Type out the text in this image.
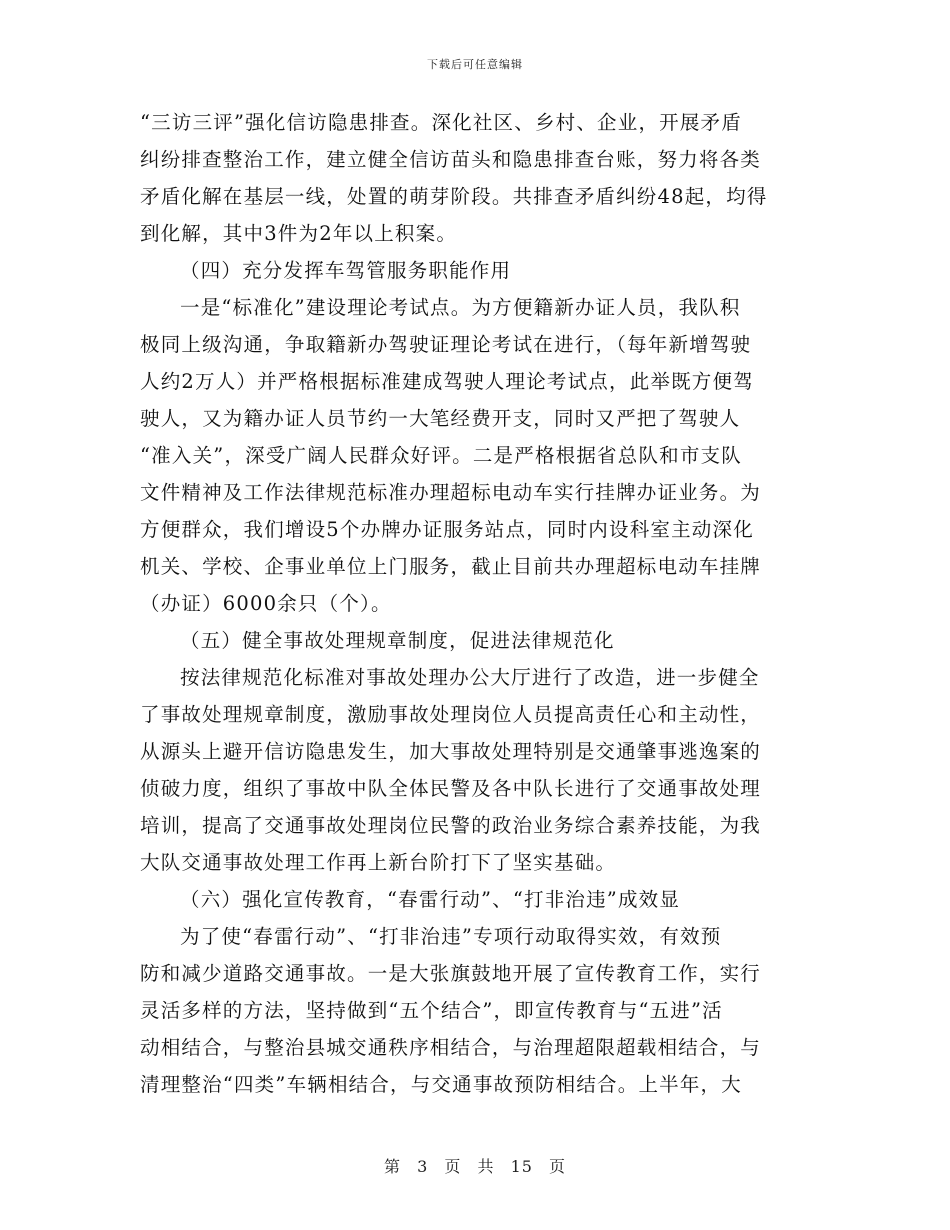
下载后可任意编辑
“三访三评”强化信访隐患排查。深化社区、乡村、企业，开展矛盾
纠纷排查整治工作，建立健全信访苗头和隐患排查台账，努力将各类
矛盾化解在基层一线，处置的萌芽阶段。共排查矛盾纠纷48起，均得
到化解，其中3件为2年以上积案。
（四）充分发挥车驾管服务职能作用
一是“标准化”建设理论考试点。为方便籍新办证人员，我队积
极同上级沟通，争取籍新办驾驶证理论考试在进行，（每年新增驾驶
人约2万人）并严格根据标准建成驾驶人理论考试点，此举既方便驾
驶人，又为籍办证人员节约一大笔经费开支，同时又严把了驾驶人
“准入关”，深受广阔人民群众好评。二是严格根据省总队和市支队
文件精神及工作法律规范标准办理超标电动车实行挂牌办证业务。为
方便群众，我们增设5个办牌办证服务站点，同时内设科室主动深化
机关、学校、企事业单位上门服务，截止目前共办理超标电动车挂牌
（办证）6000余只（个）。
（五）健全事故处理规章制度，促进法律规范化
按法律规范化标准对事故处理办公大厅进行了改造，进一步健全
了事故处理规章制度，激励事故处理岗位人员提高责任心和主动性，
从源头上避开信访隐患发生，加大事故处理特别是交通肇事逃逸案的
侦破力度，组织了事故中队全体民警及各中队长进行了交通事故处理
培训，提高了交通事故处理岗位民警的政治业务综合素养技能，为我
大队交通事故处理工作再上新台阶打下了坚实基础。
（六）强化宣传教育，“春雷行动”、“打非治违”成效显
为了使“春雷行动”、“打非治违”专项行动取得实效，有效预
防和减少道路交通事故。一是大张旗鼓地开展了宣传教育工作，实行
灵活多样的方法，坚持做到“五个结合”，即宣传教育与“五进”活
动相结合，与整治县城交通秩序相结合，与治理超限超载相结合，与
清理整治“四类”车辆相结合，与交通事故预防相结合。上半年，大
第 3 页 共 15 页
